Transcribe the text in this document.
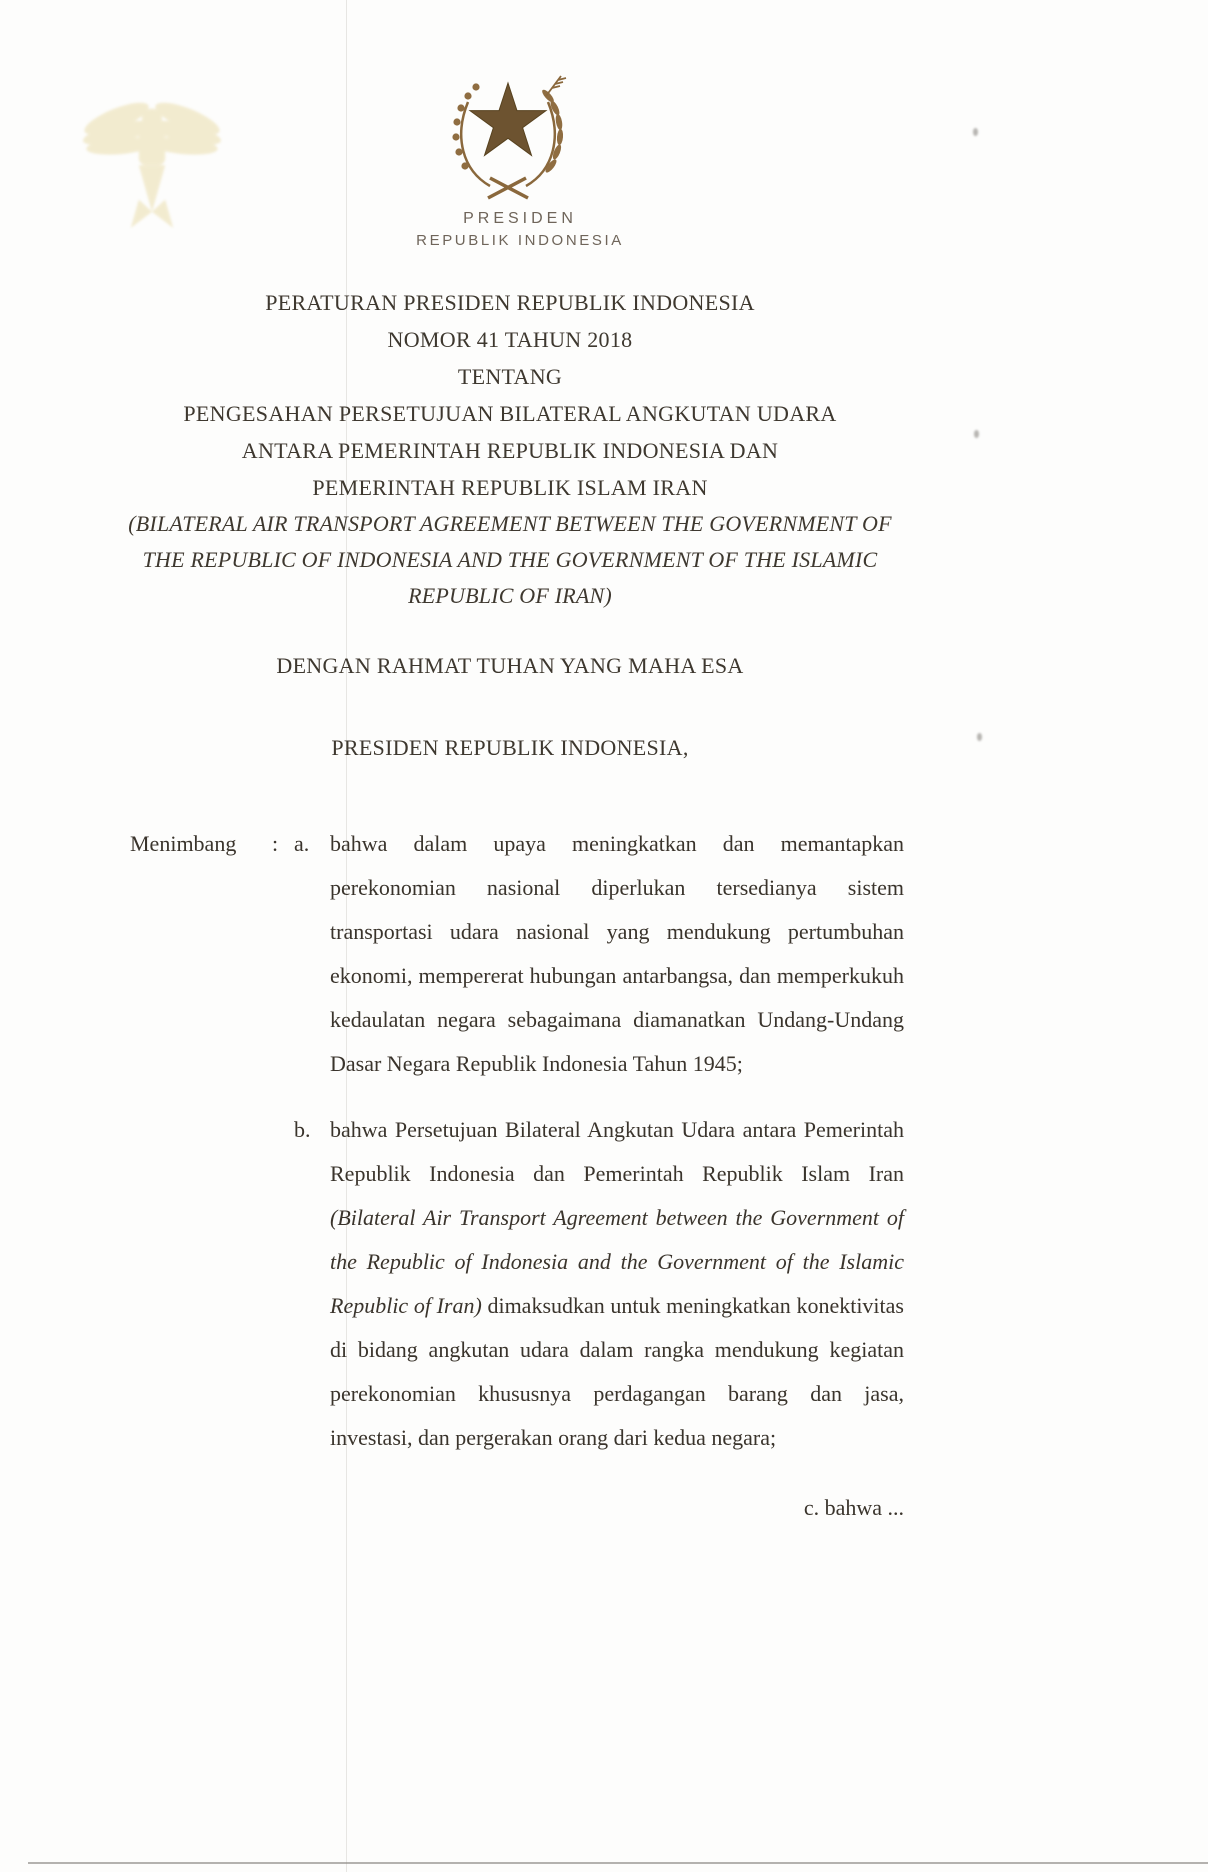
PRESIDEN
REPUBLIK INDONESIA
PERATURAN PRESIDEN REPUBLIK INDONESIA
NOMOR 41 TAHUN 2018
TENTANG
PENGESAHAN PERSETUJUAN BILATERAL ANGKUTAN UDARA
ANTARA PEMERINTAH REPUBLIK INDONESIA DAN
PEMERINTAH REPUBLIK ISLAM IRAN
(BILATERAL AIR TRANSPORT AGREEMENT BETWEEN THE GOVERNMENT OF THE REPUBLIC OF INDONESIA AND THE GOVERNMENT OF THE ISLAMIC REPUBLIC OF IRAN)
DENGAN RAHMAT TUHAN YANG MAHA ESA
PRESIDEN REPUBLIK INDONESIA,
Menimbang	: a. bahwa dalam upaya meningkatkan dan memantapkan perekonomian nasional diperlukan tersedianya sistem transportasi udara nasional yang mendukung pertumbuhan ekonomi, mempererat hubungan antarbangsa, dan memperkukuh kedaulatan negara sebagaimana diamanatkan Undang-Undang Dasar Negara Republik Indonesia Tahun 1945;
b. bahwa Persetujuan Bilateral Angkutan Udara antara Pemerintah Republik Indonesia dan Pemerintah Republik Islam Iran (Bilateral Air Transport Agreement between the Government of the Republic of Indonesia and the Government of the Islamic Republic of Iran) dimaksudkan untuk meningkatkan konektivitas di bidang angkutan udara dalam rangka mendukung kegiatan perekonomian khususnya perdagangan barang dan jasa, investasi, dan pergerakan orang dari kedua negara;
c. bahwa ...
